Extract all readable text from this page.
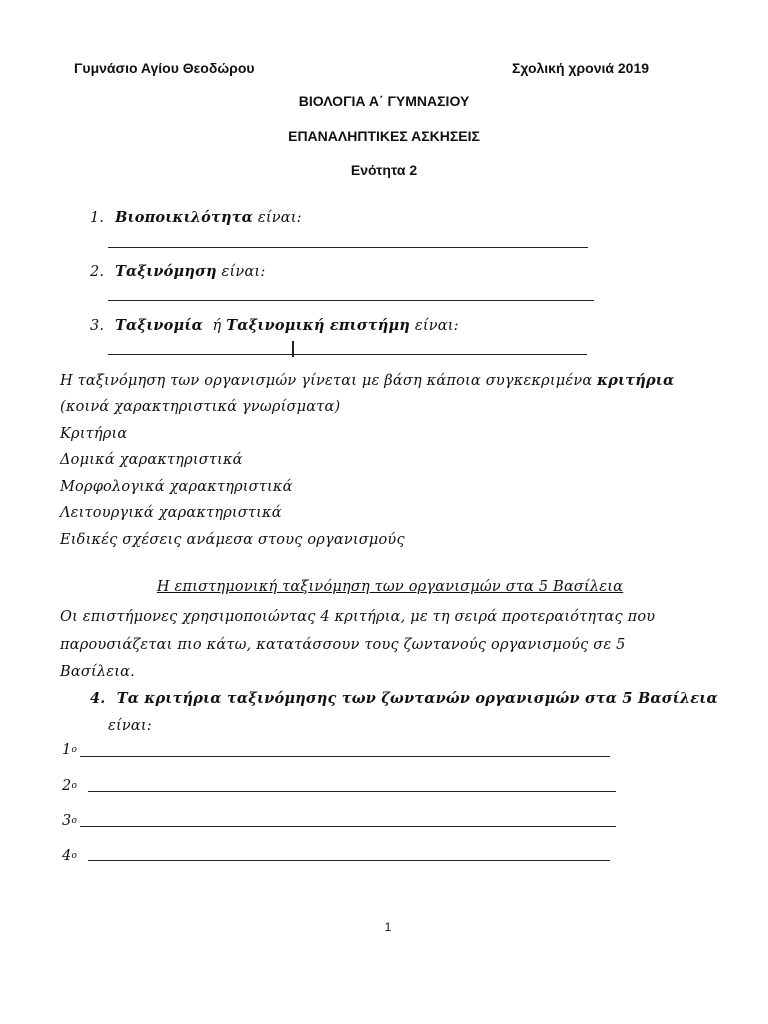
Γυμνάσιο Αγίου Θεοδώρου	Σχολική χρονιά 2019
ΒΙΟΛΟΓΙΑ Α΄ ΓΥΜΝΑΣΙΟΥ
ΕΠΑΝΑΛΗΠΤΙΚΕΣ ΑΣΚΗΣΕΙΣ
Ενότητα 2
1. Βιοποικιλότητα είναι:
2. Ταξινόμηση είναι:
3. Ταξινομία  ή Ταξινομική επιστήμη είναι:
Η ταξινόμηση των οργανισμών γίνεται με βάση κάποια συγκεκριμένα κριτήρια
(κοινά χαρακτηριστικά γνωρίσματα)
Κριτήρια
Δομικά χαρακτηριστικά
Μορφολογικά χαρακτηριστικά
Λειτουργικά χαρακτηριστικά
Ειδικές σχέσεις ανάμεσα στους οργανισμούς
Η επιστημονική ταξινόμηση των οργανισμών στα 5 Βασίλεια
Οι επιστήμονες χρησιμοποιώντας 4 κριτήρια, με τη σειρά προτεραιότητας που
παρουσιάζεται πιο κάτω, κατατάσσουν τους ζωντανούς οργανισμούς σε 5
Βασίλεια.
4. Τα κριτήρια ταξινόμησης των ζωντανών οργανισμών στα 5 Βασίλεια
είναι:
$1^o$
$2^o$
$3^o$
$4^o$
1
